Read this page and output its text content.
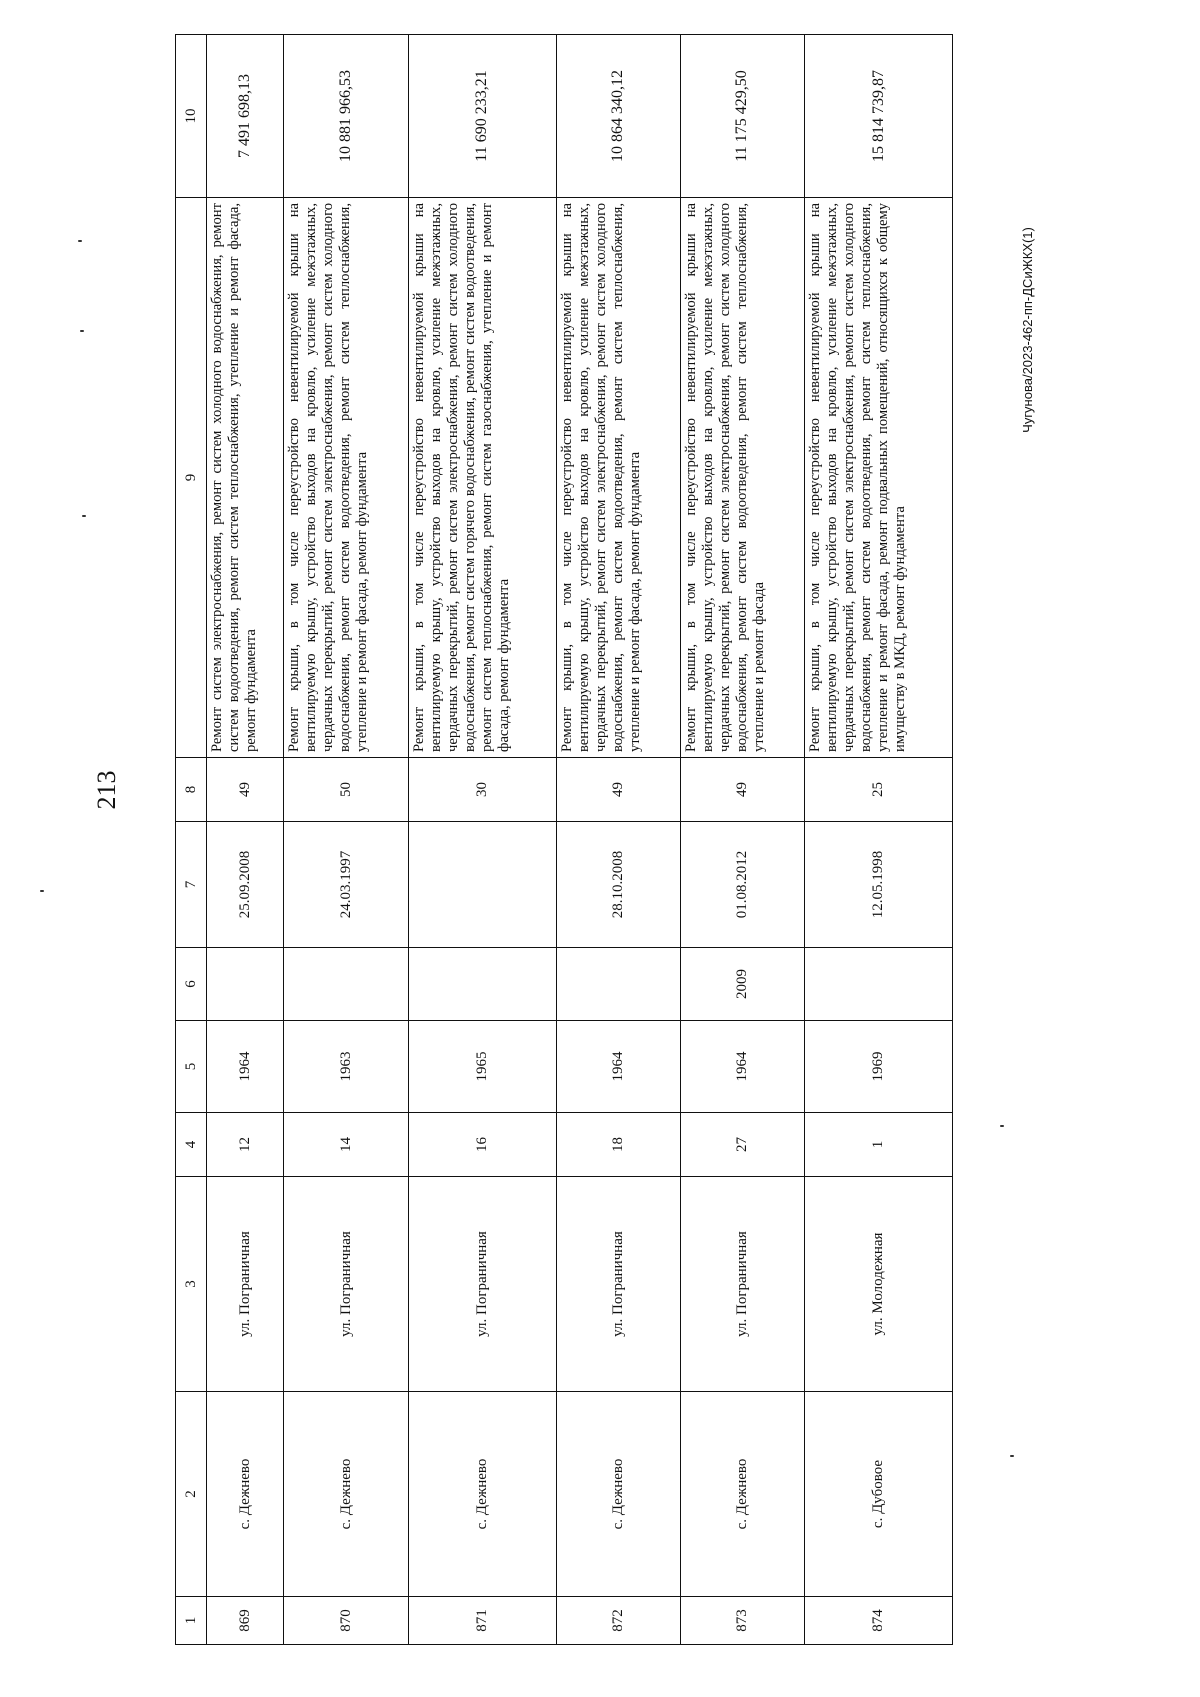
213
Чугунова/2023-462-пп-ДСиЖКХ(1)
1	2	3	4	5	6	7	8	9	10
869	с. Дежнево	ул. Пограничная	12	1964		25.09.2008	49	Ремонт систем электроснабжения, ремонт систем холодного водоснабжения, ремонт систем водоотведения, ремонт систем теплоснабжения, утепление и ремонт фасада, ремонт фундамента	7 491 698,13
870	с. Дежнево	ул. Пограничная	14	1963		24.03.1997	50	Ремонт крыши, в том числе переустройство невентилируемой крыши на вентилируемую крышу, устройство выходов на кровлю, усиление межэтажных, чердачных перекрытий, ремонт систем электроснабжения, ремонт систем холодного водоснабжения, ремонт систем водоотведения, ремонт систем теплоснабжения, утепление и ремонт фасада, ремонт фундамента	10 881 966,53
871	с. Дежнево	ул. Пограничная	16	1965			30	Ремонт крыши, в том числе переустройство невентилируемой крыши на вентилируемую крышу, устройство выходов на кровлю, усиление межэтажных, чердачных перекрытий, ремонт систем электроснабжения, ремонт систем холодного водоснабжения, ремонт систем горячего водоснабжения, ремонт систем водоотведения, ремонт систем теплоснабжения, ремонт систем газоснабжения, утепление и ремонт фасада, ремонт фундамента	11 690 233,21
872	с. Дежнево	ул. Пограничная	18	1964		28.10.2008	49	Ремонт крыши, в том числе переустройство невентилируемой крыши на вентилируемую крышу, устройство выходов на кровлю, усиление межэтажных, чердачных перекрытий, ремонт систем электроснабжения, ремонт систем холодного водоснабжения, ремонт систем водоотведения, ремонт систем теплоснабжения, утепление и ремонт фасада, ремонт фундамента	10 864 340,12
873	с. Дежнево	ул. Пограничная	27	1964	2009	01.08.2012	49	Ремонт крыши, в том числе переустройство невентилируемой крыши на вентилируемую крышу, устройство выходов на кровлю, усиление межэтажных, чердачных перекрытий, ремонт систем электроснабжения, ремонт систем холодного водоснабжения, ремонт систем водоотведения, ремонт систем теплоснабжения, утепление и ремонт фасада	11 175 429,50
874	с. Дубовое	ул. Молодежная	1	1969		12.05.1998	25	Ремонт крыши, в том числе переустройство невентилируемой крыши на вентилируемую крышу, устройство выходов на кровлю, усиление межэтажных, чердачных перекрытий, ремонт систем электроснабжения, ремонт систем холодного водоснабжения, ремонт систем водоотведения, ремонт систем теплоснабжения, утепление и ремонт фасада, ремонт подвальных помещений, относящихся к общему имуществу в МКД, ремонт фундамента	15 814 739,87
